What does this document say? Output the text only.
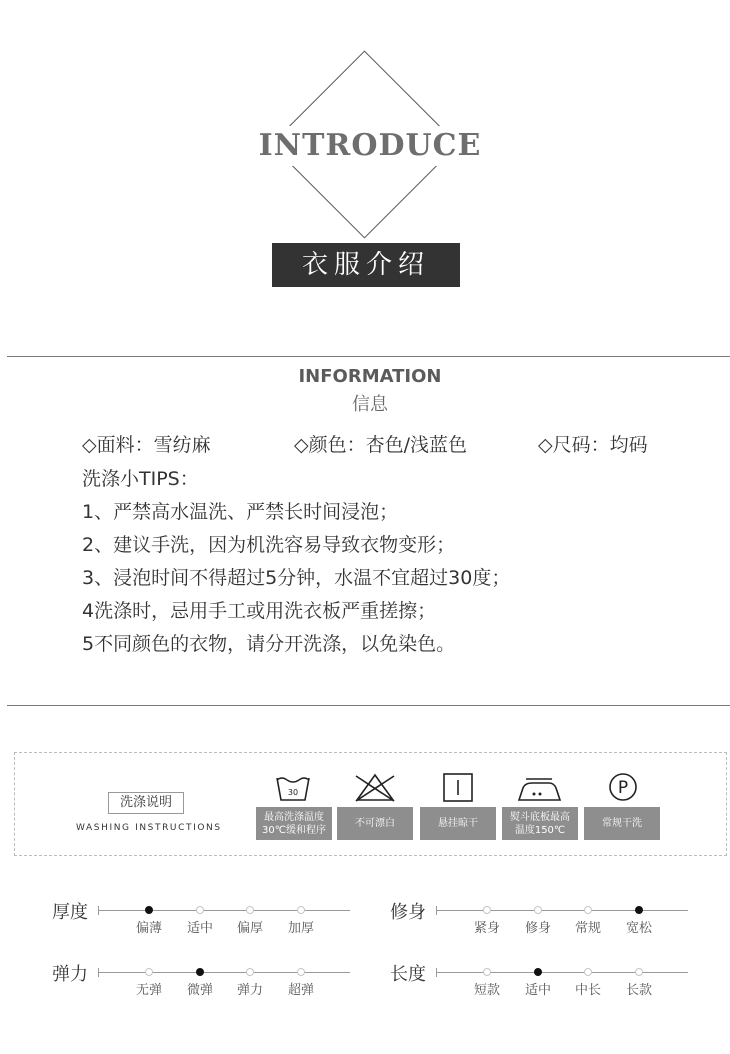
INTRODUCE
衣服介绍
INFORMATION
信息
◇面料：雪纺麻	◇颜色：杏色/浅蓝色	◇尺码：均码
洗涤小TIPS：
1、严禁高水温洗、严禁长时间浸泡；
2、建议手洗，因为机洗容易导致衣物变形；
3、浸泡时间不得超过5分钟，水温不宜超过30度；
4洗涤时，忌用手工或用洗衣板严重搓擦；
5不同颜色的衣物，请分开洗涤，以免染色。
洗涤说明
WASHING INSTRUCTIONS
30	P
最高洗涤温度
30℃缓和程序
不可漂白	悬挂晾干
熨斗底板最高
温度150℃
常规干洗
厚度
偏薄	适中	偏厚	加厚
修身
紧身	修身	常规	宽松
弹力
无弹	微弹	弹力	超弹
长度
短款	适中	中长	长款
